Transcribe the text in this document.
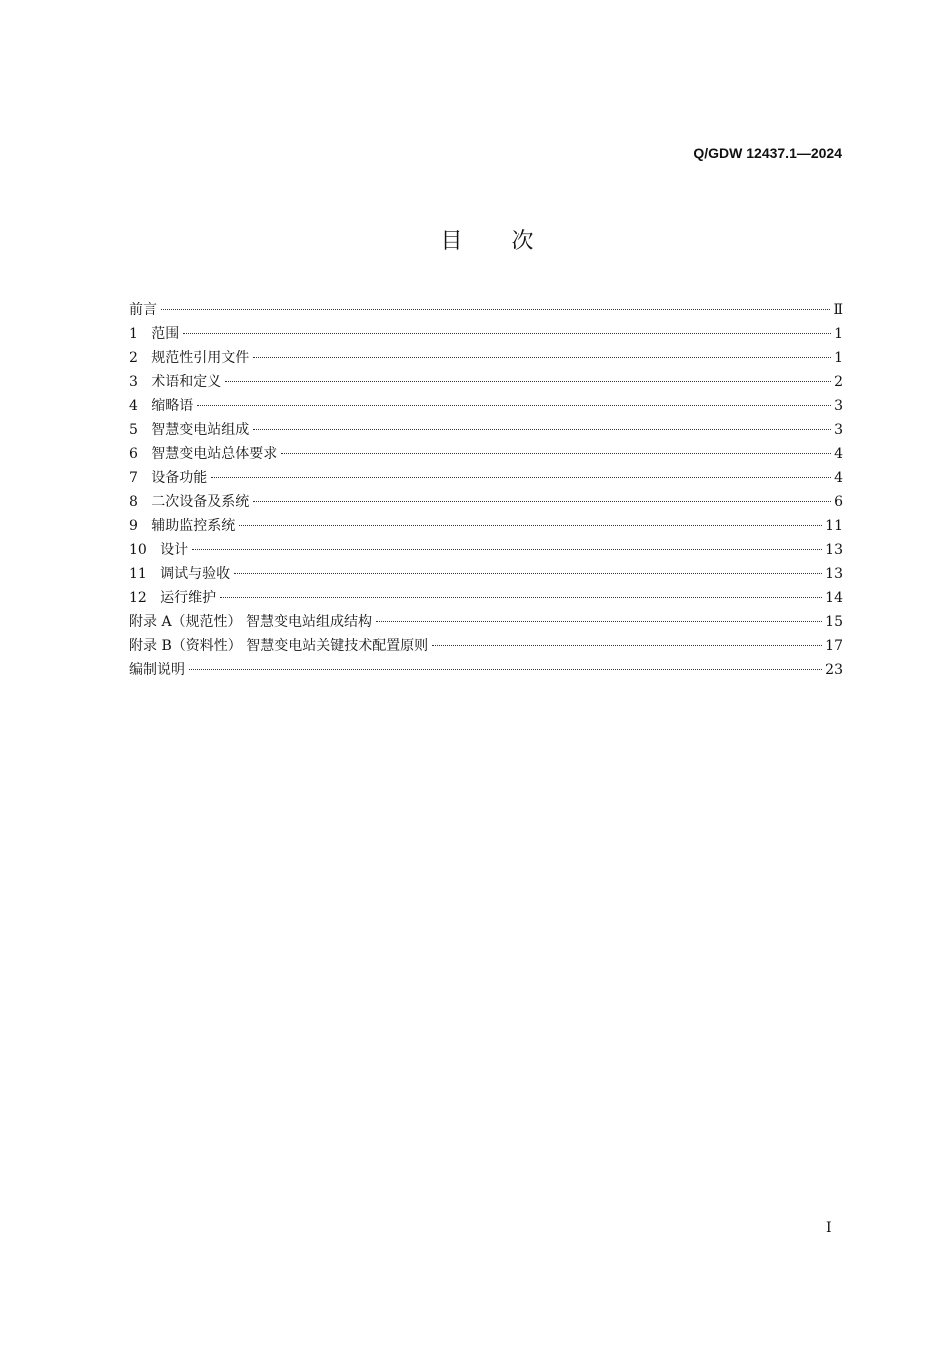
Q/GDW 12437.1—2024
目       次
前言	Ⅱ
1 范围	1
2 规范性引用文件	1
3 术语和定义	2
4 缩略语	3
5 智慧变电站组成	3
6 智慧变电站总体要求	4
7 设备功能	4
8 二次设备及系统	6
9 辅助监控系统	11
10 设计	13
11 调试与验收	13
12 运行维护	14
附录 A（规范性） 智慧变电站组成结构	15
附录 B（资料性） 智慧变电站关键技术配置原则	17
编制说明	23
I
